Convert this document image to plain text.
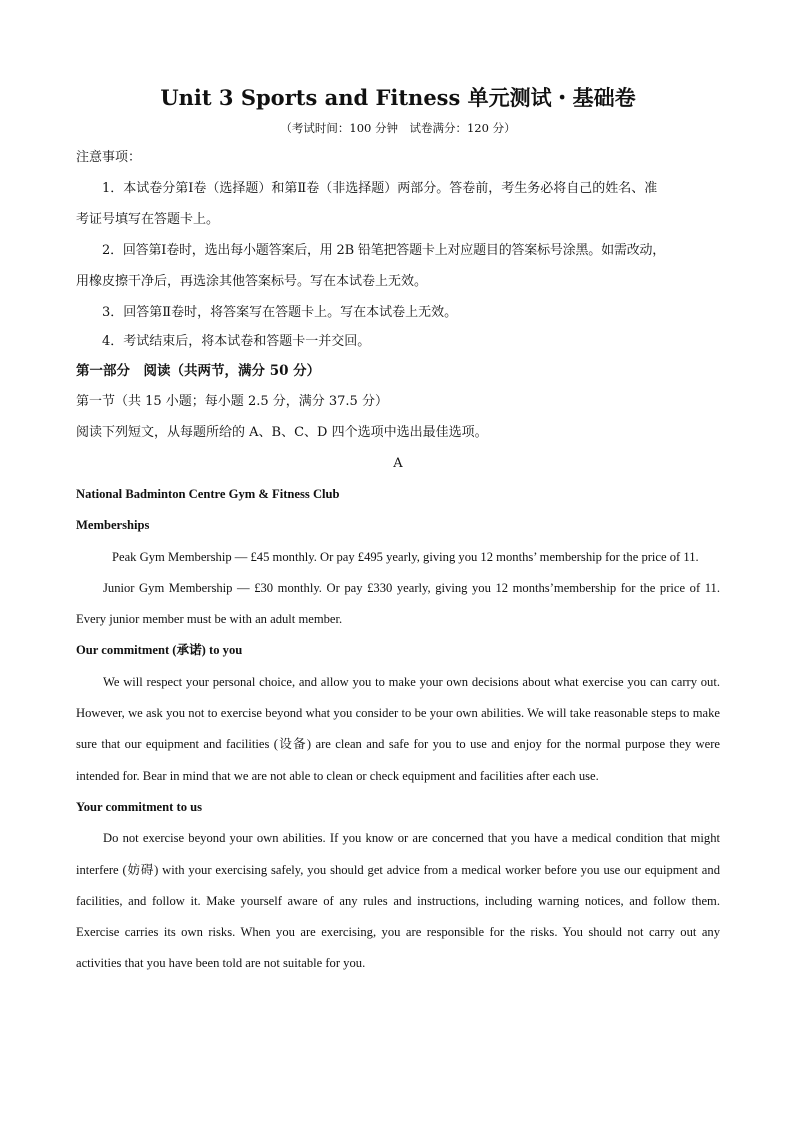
Unit 3 Sports and Fitness 单元测试・基础卷
（考试时间：100 分钟　试卷满分：120 分）

注意事项：

1．本试卷分第Ⅰ卷（选择题）和第Ⅱ卷（非选择题）两部分。答卷前，考生务必将自己的姓名、准

考证号填写在答题卡上。

2．回答第Ⅰ卷时，选出每小题答案后，用 2B 铅笔把答题卡上对应题目的答案标号涂黑。如需改动，

用橡皮擦干净后，再选涂其他答案标号。写在本试卷上无效。

3．回答第Ⅱ卷时，将答案写在答题卡上。写在本试卷上无效。

4．考试结束后，将本试卷和答题卡一并交回。

第一部分　阅读（共两节，满分 50 分）

第一节（共 15 小题；每小题 2.5 分，满分 37.5 分）

阅读下列短文，从每题所给的 A、B、C、D 四个选项中选出最佳选项。

A

National Badminton Centre Gym & Fitness Club

Memberships

Peak Gym Membership — £45 monthly. Or pay £495 yearly, giving you 12 months’ membership for the price of 11.

Junior Gym Membership — £30 monthly. Or pay £330 yearly, giving you 12 months’membership for the price of 11. Every junior member must be with an adult member.

Our commitment (承诺) to you

We will respect your personal choice, and allow you to make your own decisions about what exercise you can carry out. However, we ask you not to exercise beyond what you consider to be your own abilities. We will take reasonable steps to make sure that our equipment and facilities (设备) are clean and safe for you to use and enjoy for the normal purpose they were intended for. Bear in mind that we are not able to clean or check equipment and facilities after each use.

Your commitment to us

Do not exercise beyond your own abilities. If you know or are concerned that you have a medical condition that might interfere (妨碍) with your exercising safely, you should get advice from a medical worker before you use our equipment and facilities, and follow it. Make yourself aware of any rules and instructions, including warning notices, and follow them. Exercise carries its own risks. When you are exercising, you are responsible for the risks. You should not carry out any activities that you have been told are not suitable for you.
